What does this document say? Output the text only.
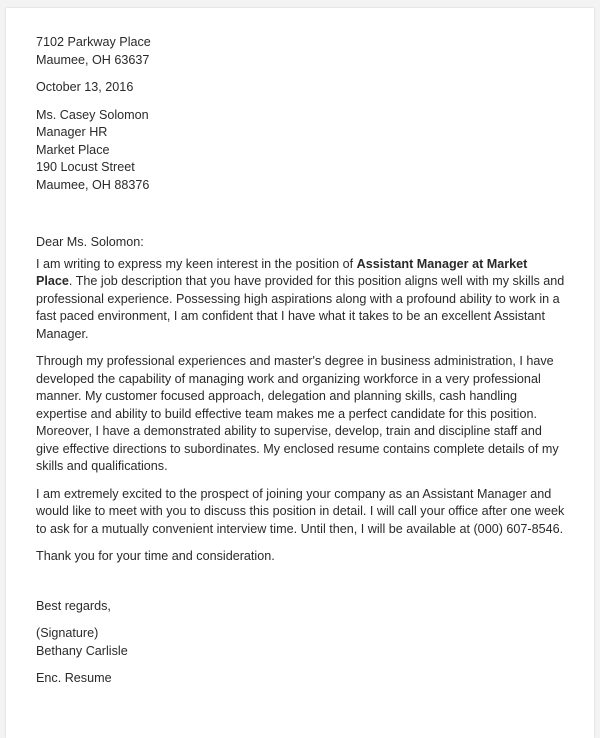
7102 Parkway Place
Maumee, OH 63637
October 13, 2016
Ms. Casey Solomon
Manager HR
Market Place
190 Locust Street
Maumee, OH 88376
Dear Ms. Solomon:

I am writing to express my keen interest in the position of Assistant Manager at Market Place. The job description that you have provided for this position aligns well with my skills and professional experience. Possessing high aspirations along with a profound ability to work in a fast paced environment, I am confident that I have what it takes to be an excellent Assistant Manager.

Through my professional experiences and master's degree in business administration, I have developed the capability of managing work and organizing workforce in a very professional manner. My customer focused approach, delegation and planning skills, cash handling expertise and ability to build effective team makes me a perfect candidate for this position. Moreover, I have a demonstrated ability to supervise, develop, train and discipline staff and give effective directions to subordinates. My enclosed resume contains complete details of my skills and qualifications.

I am extremely excited to the prospect of joining your company as an Assistant Manager and would like to meet with you to discuss this position in detail. I will call your office after one week to ask for a mutually convenient interview time. Until then, I will be available at (000) 607-8546.

Thank you for your time and consideration.

Best regards,
(Signature)
Bethany Carlisle
Enc. Resume
